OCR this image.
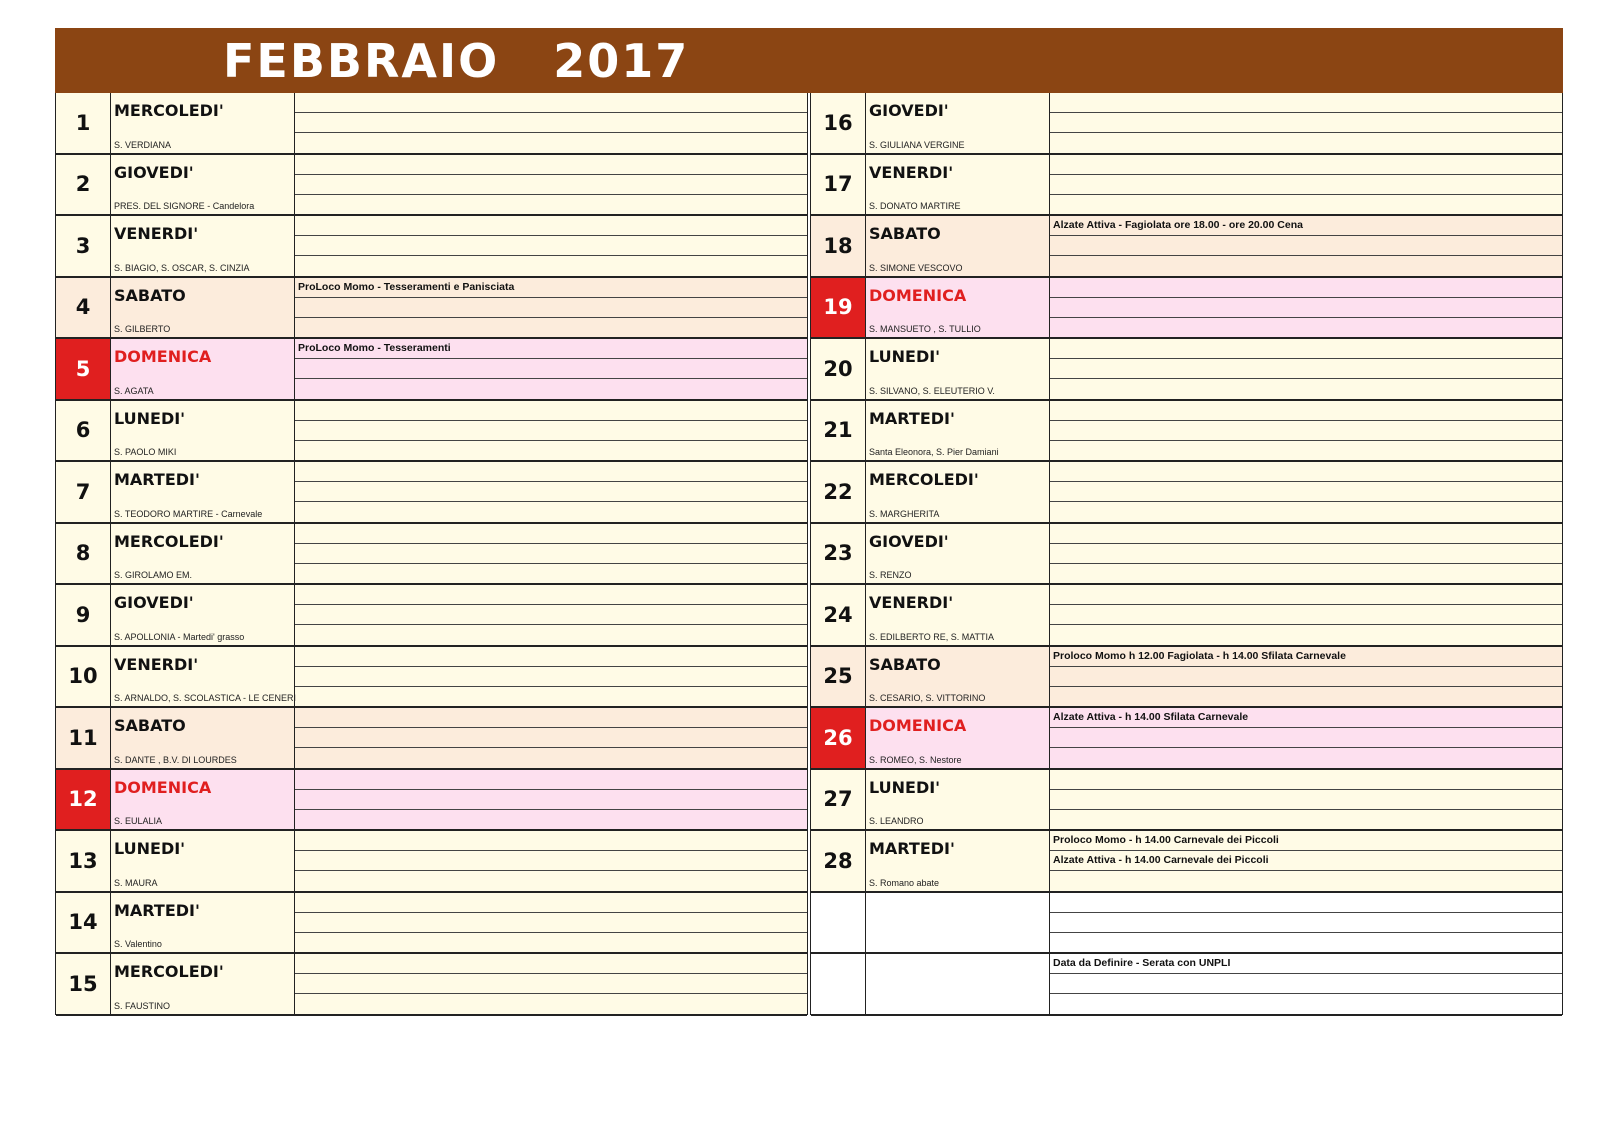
FEBBRAIO   2017
1
MERCOLEDI'
S. VERDIANA
2
GIOVEDI'
PRES. DEL SIGNORE - Candelora
3
VENERDI'
S. BIAGIO, S. OSCAR, S. CINZIA
4
SABATO
S. GILBERTO
ProLoco Momo - Tesseramenti e Panisciata
5
DOMENICA
S. AGATA
ProLoco Momo - Tesseramenti
6
LUNEDI'
S. PAOLO MIKI
7
MARTEDI'
S. TEODORO MARTIRE - Carnevale
8
MERCOLEDI'
S. GIROLAMO EM.
9
GIOVEDI'
S. APOLLONIA - Martedi' grasso
10
VENERDI'
S. ARNALDO, S. SCOLASTICA - LE CENERI
11
SABATO
S. DANTE , B.V. DI LOURDES
12
DOMENICA
S. EULALIA
13
LUNEDI'
S. MAURA
14
MARTEDI'
S. Valentino
15
MERCOLEDI'
S. FAUSTINO
16
GIOVEDI'
S. GIULIANA VERGINE
17
VENERDI'
S. DONATO MARTIRE
18
SABATO
S. SIMONE VESCOVO
Alzate Attiva - Fagiolata ore 18.00 - ore 20.00 Cena
19
DOMENICA
S. MANSUETO , S. TULLIO
20
LUNEDI'
S. SILVANO, S. ELEUTERIO V.
21
MARTEDI'
Santa Eleonora, S. Pier Damiani
22
MERCOLEDI'
S. MARGHERITA
23
GIOVEDI'
S. RENZO
24
VENERDI'
S. EDILBERTO RE, S. MATTIA
25
SABATO
S. CESARIO, S. VITTORINO
Proloco Momo h 12.00 Fagiolata - h 14.00 Sfilata Carnevale
26
DOMENICA
S. ROMEO, S. Nestore
Alzate Attiva - h 14.00 Sfilata Carnevale
27
LUNEDI'
S. LEANDRO
28
MARTEDI'
S. Romano abate
Proloco Momo - h 14.00 Carnevale dei Piccoli
Alzate Attiva - h 14.00 Carnevale dei Piccoli
Data da Definire - Serata con UNPLI
